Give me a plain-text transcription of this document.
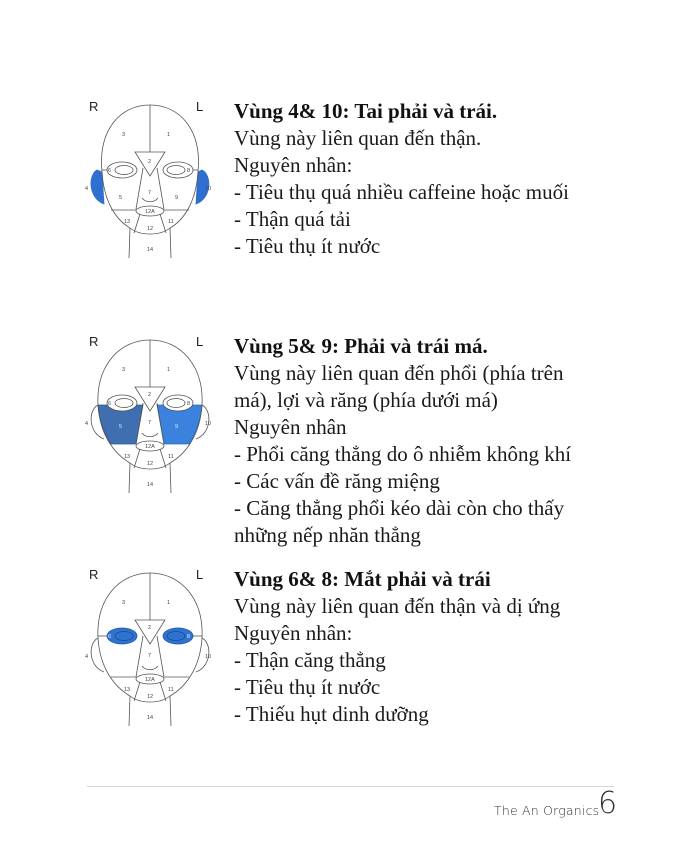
R	L
3	1
2
6	8
4	10
5	9
7
12A
13	11
12
14

Vùng 4& 10: Tai phải và trái.

Vùng này liên quan đến thận.

Nguyên nhân:

- Tiêu thụ quá nhiều caffeine hoặc muối

- Thận quá tải

- Tiêu thụ ít nước

R	L
3	1
2
6	8
4	10
5	9
7
12A
13	11
12
14

Vùng 5& 9: Phải và trái má.

Vùng này liên quan đến phổi (phía trên

má), lợi và răng (phía dưới má)

Nguyên nhân

- Phổi căng thẳng do ô nhiễm không khí

- Các vấn đề răng miệng

- Căng thẳng phổi kéo dài còn cho thấy

những nếp nhăn thẳng

R	L
3	1
2
6	8
4	10
7
12A
13	11
12
14

Vùng 6& 8: Mắt phải và trái

Vùng này liên quan đến thận và dị ứng

Nguyên nhân:

- Thận căng thẳng

- Tiêu thụ ít nước

- Thiếu hụt dinh dưỡng

The An Organics
6
